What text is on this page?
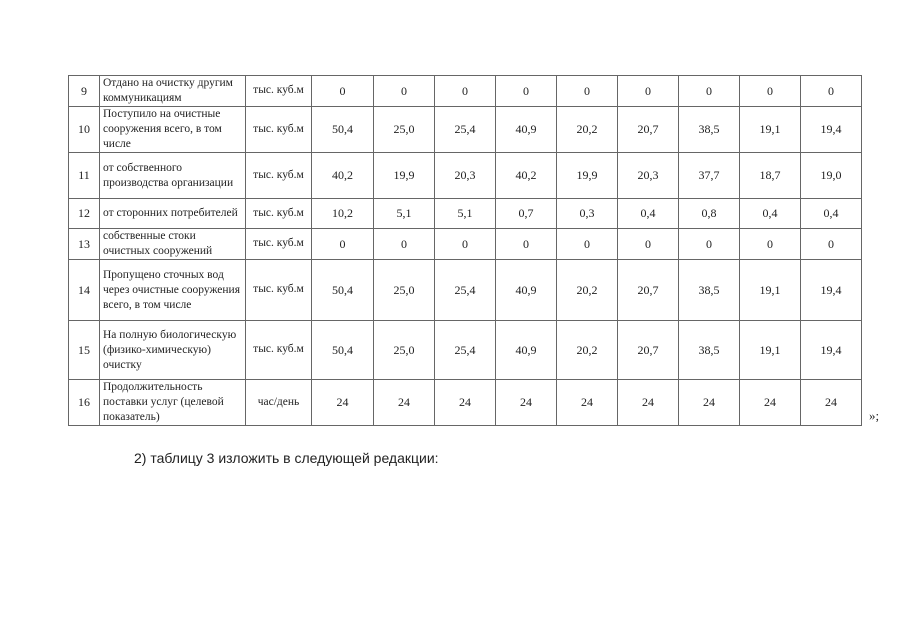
9	Отдано на очистку другим коммуникациям	тыс. куб.м	0	0	0	0	0	0	0	0	0
10	Поступило на очистные сооружения всего, в том числе	тыс. куб.м	50,4	25,0	25,4	40,9	20,2	20,7	38,5	19,1	19,4
11	от собственного производства организации	тыс. куб.м	40,2	19,9	20,3	40,2	19,9	20,3	37,7	18,7	19,0
12	от сторонних потребителей	тыс. куб.м	10,2	5,1	5,1	0,7	0,3	0,4	0,8	0,4	0,4
13	собственные стоки очистных сооружений	тыс. куб.м	0	0	0	0	0	0	0	0	0
14	Пропущено сточных вод через очистные сооружения всего, в том числе	тыс. куб.м	50,4	25,0	25,4	40,9	20,2	20,7	38,5	19,1	19,4
15	На полную биологическую (физико-химическую) очистку	тыс. куб.м	50,4	25,0	25,4	40,9	20,2	20,7	38,5	19,1	19,4
16	Продолжительность поставки услуг (целевой показатель)	час/день	24	24	24	24	24	24	24	24	24
»;
2) таблицу 3 изложить в следующей редакции:
